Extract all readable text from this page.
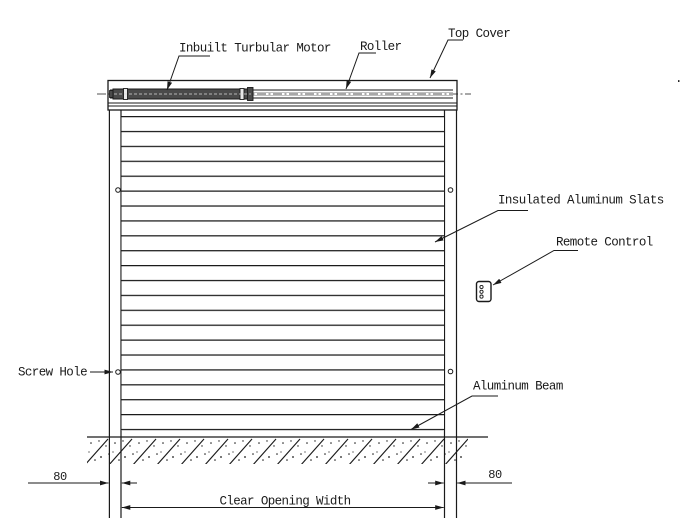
Inbuilt Turbular Motor Roller
Top Cover
Insulated Aluminum Slats
Remote Control
Aluminum Beam
Screw Hole
80	80
Clear Opening Width
.
